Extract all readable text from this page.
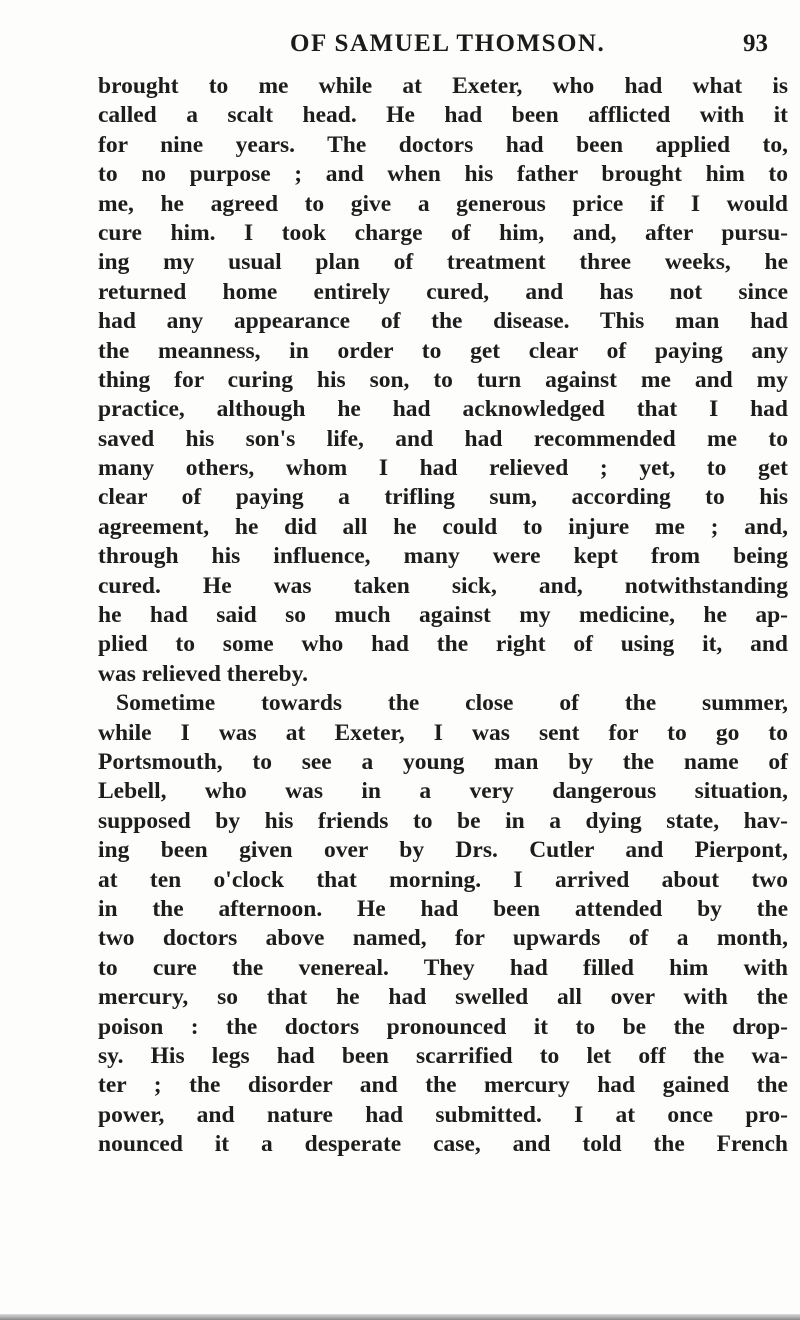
OF SAMUEL THOMSON.	93
brought to me while at Exeter, who had what is
called a scalt head. He had been afflicted with it
for nine years. The doctors had been applied to,
to no purpose ; and when his father brought him to
me, he agreed to give a generous price if I would
cure him. I took charge of him, and, after pursu-
ing my usual plan of treatment three weeks, he
returned home entirely cured, and has not since
had any appearance of the disease. This man had
the meanness, in order to get clear of paying any
thing for curing his son, to turn against me and my
practice, although he had acknowledged that I had
saved his son's life, and had recommended me to
many others, whom I had relieved ; yet, to get
clear of paying a trifling sum, according to his
agreement, he did all he could to injure me ; and,
through his influence, many were kept from being
cured. He was taken sick, and, notwithstanding
he had said so much against my medicine, he ap-
plied to some who had the right of using it, and
was relieved thereby.
Sometime towards the close of the summer,
while I was at Exeter, I was sent for to go to
Portsmouth, to see a young man by the name of
Lebell, who was in a very dangerous situation,
supposed by his friends to be in a dying state, hav-
ing been given over by Drs. Cutler and Pierpont,
at ten o'clock that morning. I arrived about two
in the afternoon. He had been attended by the
two doctors above named, for upwards of a month,
to cure the venereal. They had filled him with
mercury, so that he had swelled all over with the
poison : the doctors pronounced it to be the drop-
sy. His legs had been scarrified to let off the wa-
ter ; the disorder and the mercury had gained the
power, and nature had submitted. I at once pro-
nounced it a desperate case, and told the French
